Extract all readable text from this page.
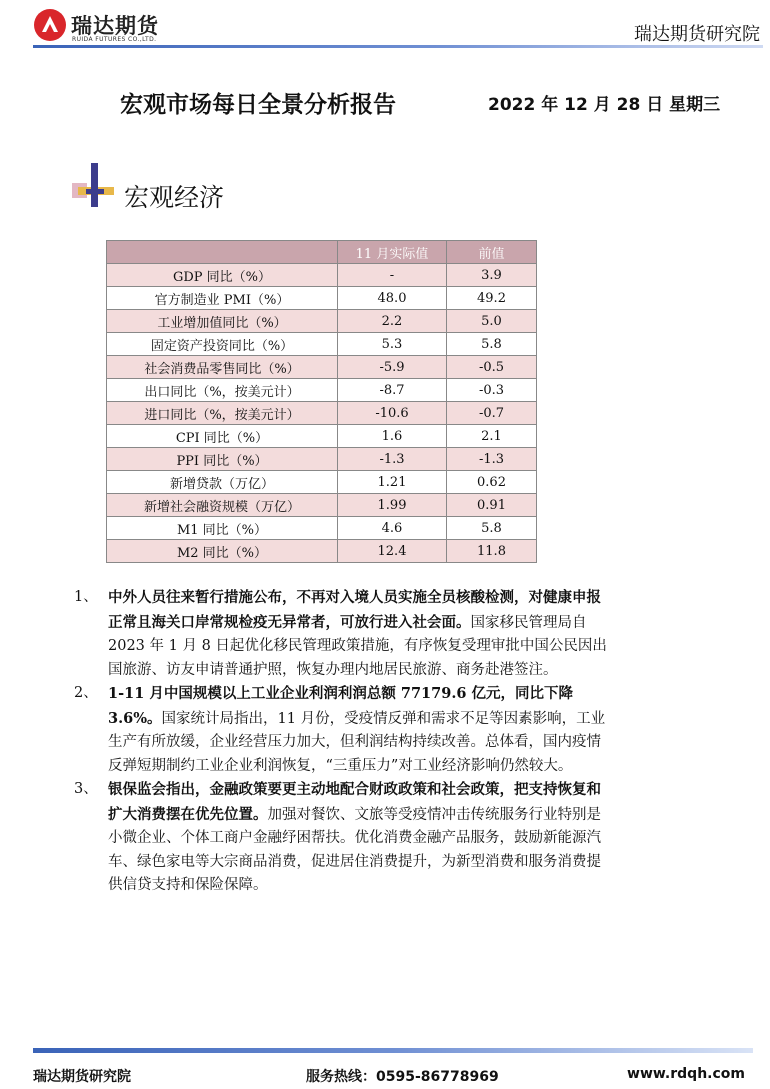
瑞达期货
RUIDA FUTURES CO.,LTD.	瑞达期货研究院
宏观市场每日全景分析报告	2022 年 12 月 28 日 星期三
宏观经济
	11 月实际值	前值
GDP 同比（%）	-	3.9
官方制造业 PMI（%）	48.0	49.2
工业增加值同比（%）	2.2	5.0
固定资产投资同比（%）	5.3	5.8
社会消费品零售同比（%）	-5.9	-0.5
出口同比（%，按美元计）	-8.7	-0.3
进口同比（%，按美元计）	-10.6	-0.7
CPI 同比（%）	1.6	2.1
PPI 同比（%）	-1.3	-1.3
新增贷款（万亿）	1.21	0.62
新增社会融资规模（万亿）	1.99	0.91
M1 同比（%）	4.6	5.8
M2 同比（%）	12.4	11.8
1、 中外人员往来暂行措施公布，不再对入境人员实施全员核酸检测，对健康申报正常且海关口岸常规检疫无异常者，可放行进入社会面。国家移民管理局自 2023 年 1 月 8 日起优化移民管理政策措施，有序恢复受理审批中国公民因出国旅游、访友申请普通护照，恢复办理内地居民旅游、商务赴港签注。
2、 1-11 月中国规模以上工业企业利润利润总额 77179.6 亿元，同比下降 3.6%。国家统计局指出，11 月份，受疫情反弹和需求不足等因素影响，工业生产有所放缓，企业经营压力加大，但利润结构持续改善。总体看，国内疫情反弹短期制约工业企业利润恢复，“三重压力”对工业经济影响仍然较大。
3、 银保监会指出，金融政策要更主动地配合财政政策和社会政策，把支持恢复和扩大消费摆在优先位置。加强对餐饮、文旅等受疫情冲击传统服务行业特别是小微企业、个体工商户金融纾困帮扶。优化消费金融产品服务，鼓励新能源汽车、绿色家电等大宗商品消费，促进居住消费提升，为新型消费和服务消费提供信贷支持和保险保障。
瑞达期货研究院	服务热线：0595-86778969	www.rdqh.com
